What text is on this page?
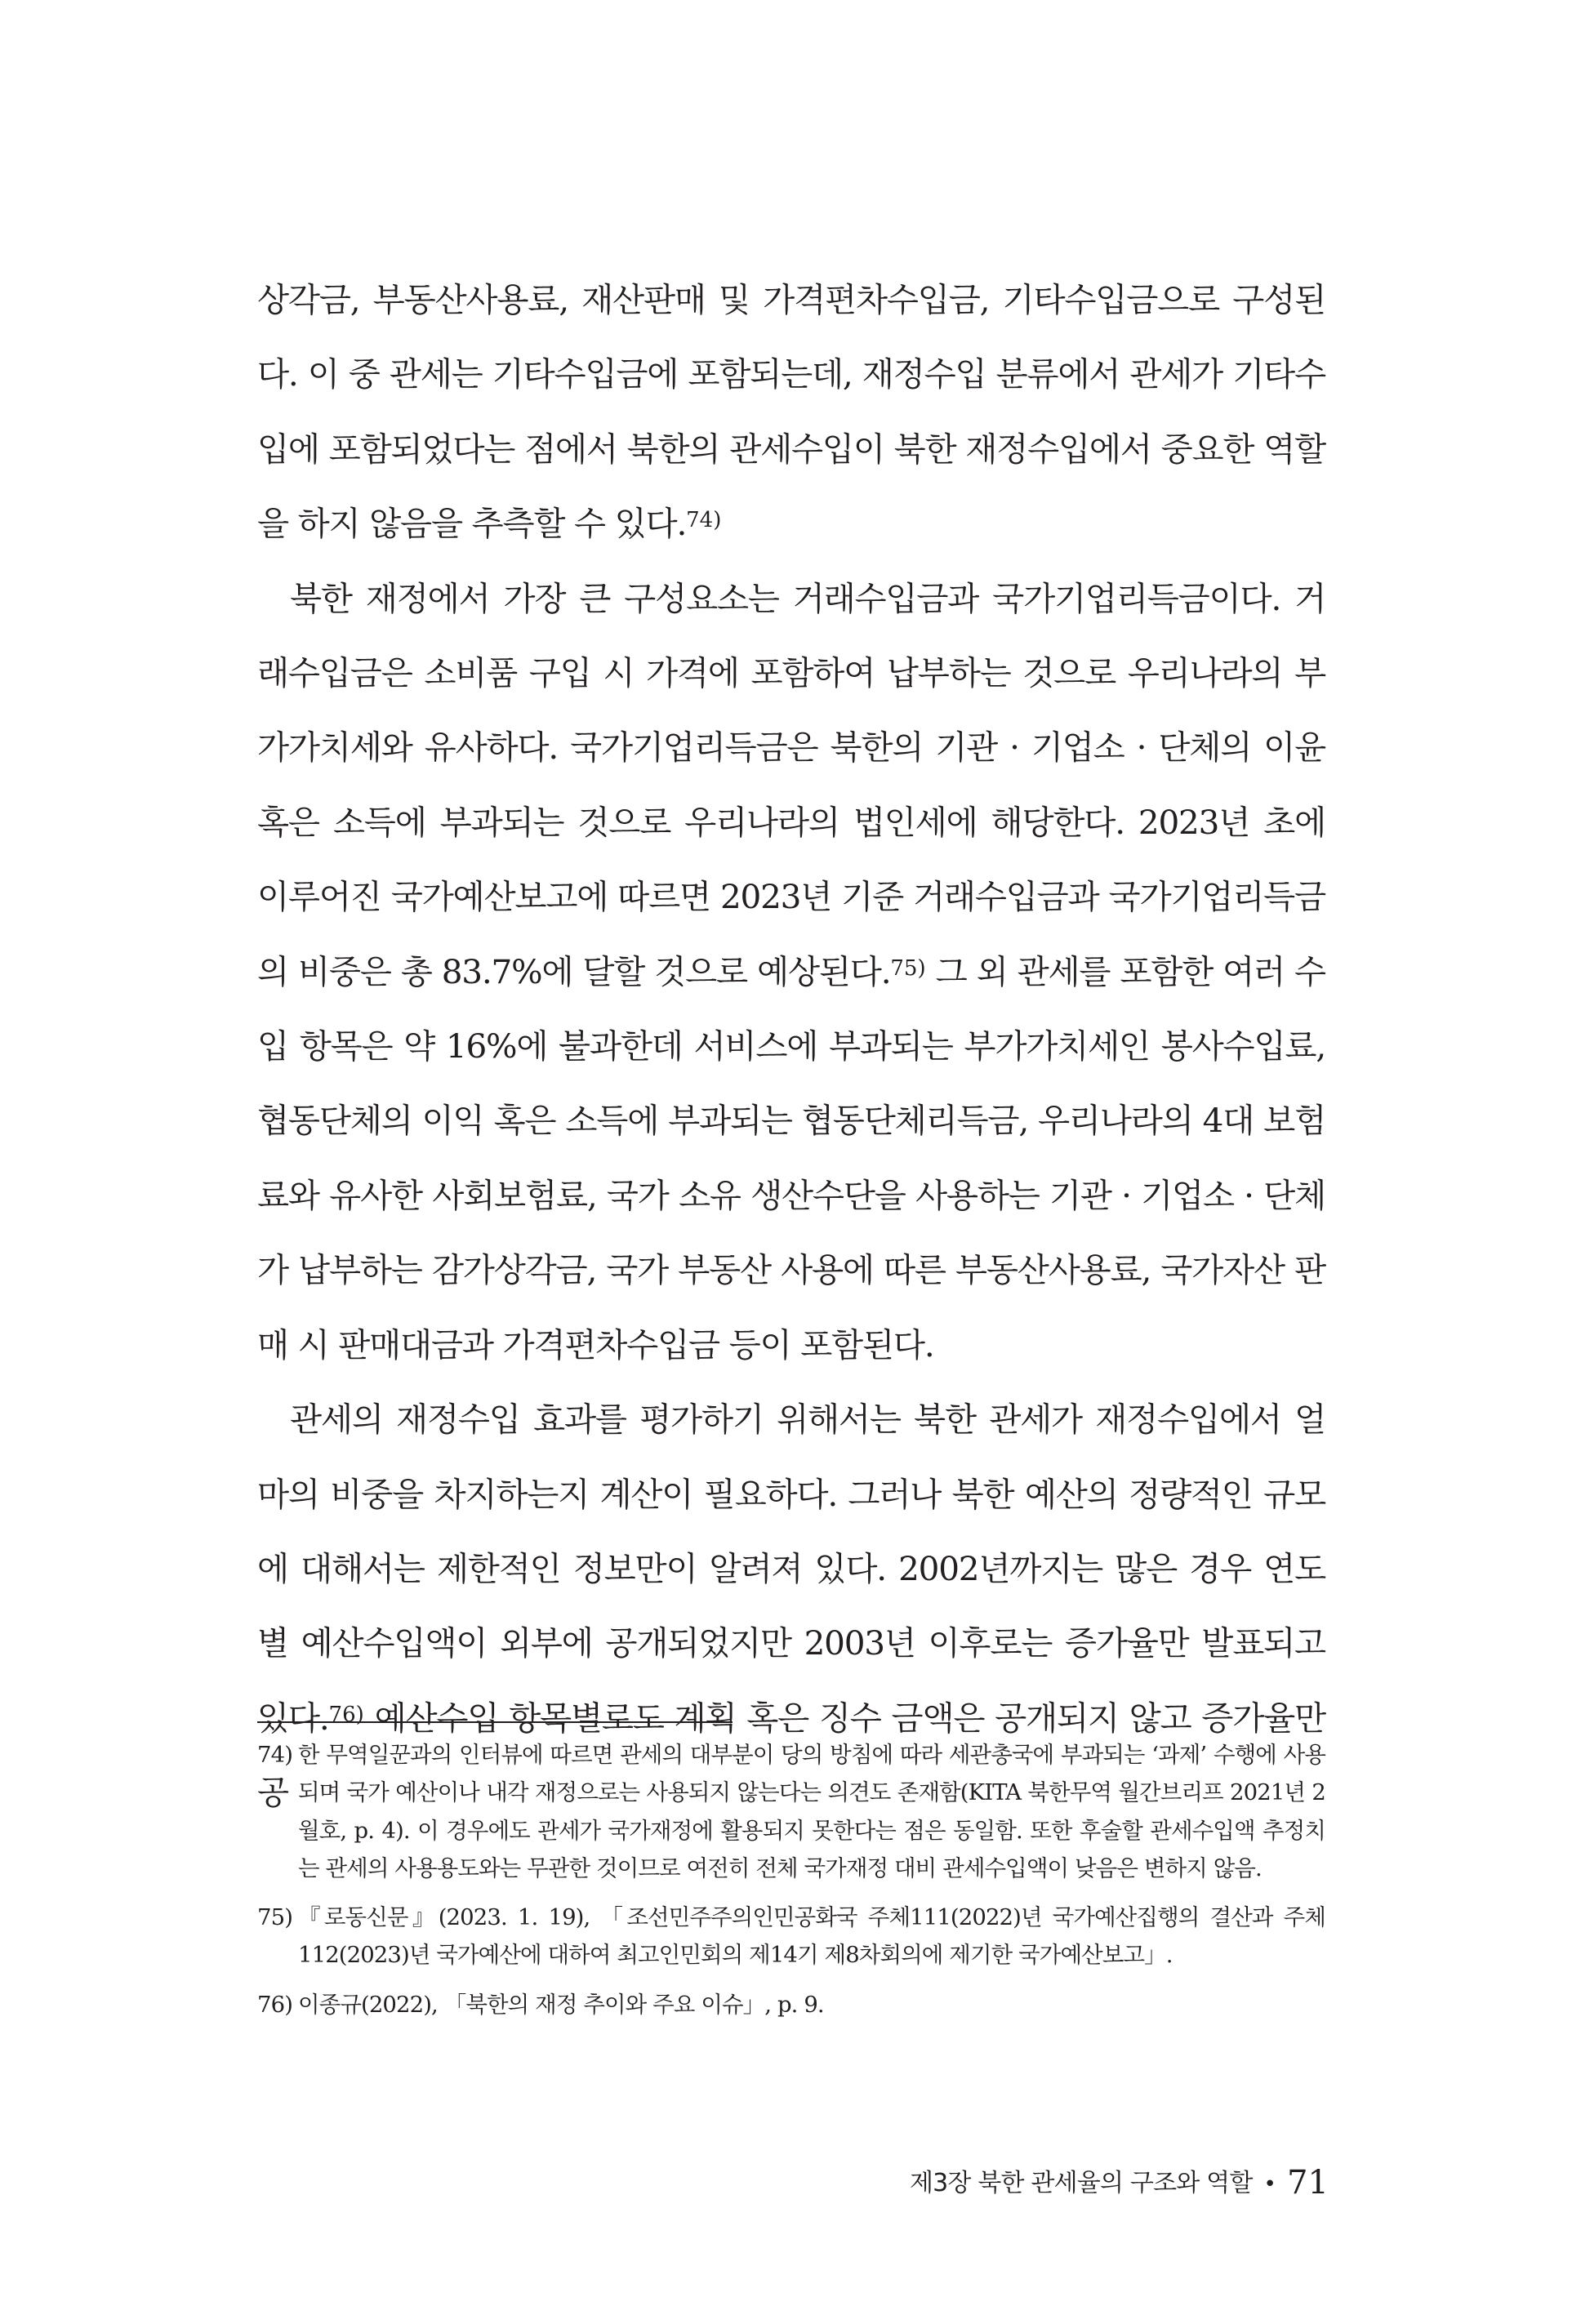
상각금, 부동산사용료, 재산판매 및 가격편차수입금, 기타수입금으로 구성된다. 이 중 관세는 기타수입금에 포함되는데, 재정수입 분류에서 관세가 기타수입에 포함되었다는 점에서 북한의 관세수입이 북한 재정수입에서 중요한 역할을 하지 않음을 추측할 수 있다.$^{74)}$

북한 재정에서 가장 큰 구성요소는 거래수입금과 국가기업리득금이다. 거래수입금은 소비품 구입 시 가격에 포함하여 납부하는 것으로 우리나라의 부가가치세와 유사하다. 국가기업리득금은 북한의 기관 · 기업소 · 단체의 이윤 혹은 소득에 부과되는 것으로 우리나라의 법인세에 해당한다. 2023년 초에 이루어진 국가예산보고에 따르면 2023년 기준 거래수입금과 국가기업리득금의 비중은 총 83.7%에 달할 것으로 예상된다.$^{75)}$ 그 외 관세를 포함한 여러 수입 항목은 약 16%에 불과한데 서비스에 부과되는 부가가치세인 봉사수입료, 협동단체의 이익 혹은 소득에 부과되는 협동단체리득금, 우리나라의 4대 보험료와 유사한 사회보험료, 국가 소유 생산수단을 사용하는 기관 · 기업소 · 단체가 납부하는 감가상각금, 국가 부동산 사용에 따른 부동산사용료, 국가자산 판매 시 판매대금과 가격편차수입금 등이 포함된다.

관세의 재정수입 효과를 평가하기 위해서는 북한 관세가 재정수입에서 얼마의 비중을 차지하는지 계산이 필요하다. 그러나 북한 예산의 정량적인 규모에 대해서는 제한적인 정보만이 알려져 있다. 2002년까지는 많은 경우 연도별 예산수입액이 외부에 공개되었지만 2003년 이후로는 증가율만 발표되고 있다.$^{76)}$ 예산수입 항목별로도 계획 혹은 징수 금액은 공개되지 않고 증가율만 공

74) 한 무역일꾼과의 인터뷰에 따르면 관세의 대부분이 당의 방침에 따라 세관총국에 부과되는 ‘과제’ 수행에 사용되며 국가 예산이나 내각 재정으로는 사용되지 않는다는 의견도 존재함(KITA 북한무역 월간브리프 2021년 2월호, p. 4). 이 경우에도 관세가 국가재정에 활용되지 못한다는 점은 동일함. 또한 후술할 관세수입액 추정치는 관세의 사용용도와는 무관한 것이므로 여전히 전체 국가재정 대비 관세수입액이 낮음은 변하지 않음.
75) 『로동신문』(2023. 1. 19), 「조선민주주의인민공화국 주체111(2022)년 국가예산집행의 결산과 주체112(2023)년 국가예산에 대하여 최고인민회의 제14기 제8차회의에 제기한 국가예산보고」.
76) 이종규(2022), 「북한의 재정 추이와 주요 이슈」, p. 9.
제3장 북한 관세율의 구조와 역할 • 71
